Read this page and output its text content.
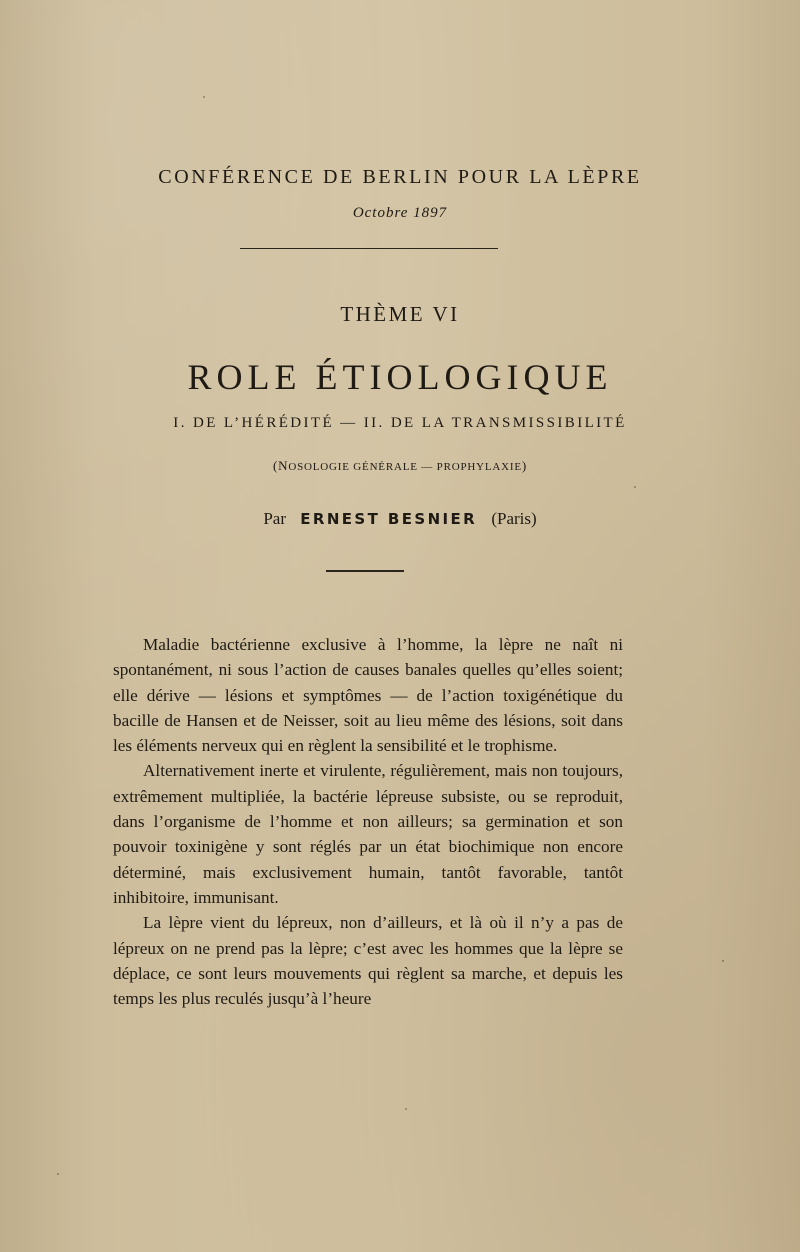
CONFÉRENCE DE BERLIN POUR LA LÈPRE
Octobre 1897
THÈME VI
ROLE ÉTIOLOGIQUE
I. DE L’HÉRÉDITÉ — II. DE LA TRANSMISSIBILITÉ
(NOSOLOGIE GÉNÉRALE — PROPHYLAXIE)
Par ERNEST BESNIER (Paris)

Maladie bactérienne exclusive à l’homme, la lèpre ne naît ni spontanément, ni sous l’action de causes banales quelles qu’elles soient; elle dérive — lésions et symptômes — de l’action toxigénétique du bacille de Hansen et de Neisser, soit au lieu même des lésions, soit dans les éléments nerveux qui en règlent la sensibilité et le trophisme.

Alternativement inerte et virulente, régulièrement, mais non toujours, extrêmement multipliée, la bactérie lépreuse subsiste, ou se reproduit, dans l’organisme de l’homme et non ailleurs; sa germination et son pouvoir toxinigène y sont réglés par un état biochimique non encore déterminé, mais exclusivement humain, tantôt favorable, tantôt inhibitoire, immunisant.

La lèpre vient du lépreux, non d’ailleurs, et là où il n’y a pas de lépreux on ne prend pas la lèpre; c’est avec les hommes que la lèpre se déplace, ce sont leurs mouvements qui règlent sa marche, et depuis les temps les plus reculés jusqu’à l’heure
